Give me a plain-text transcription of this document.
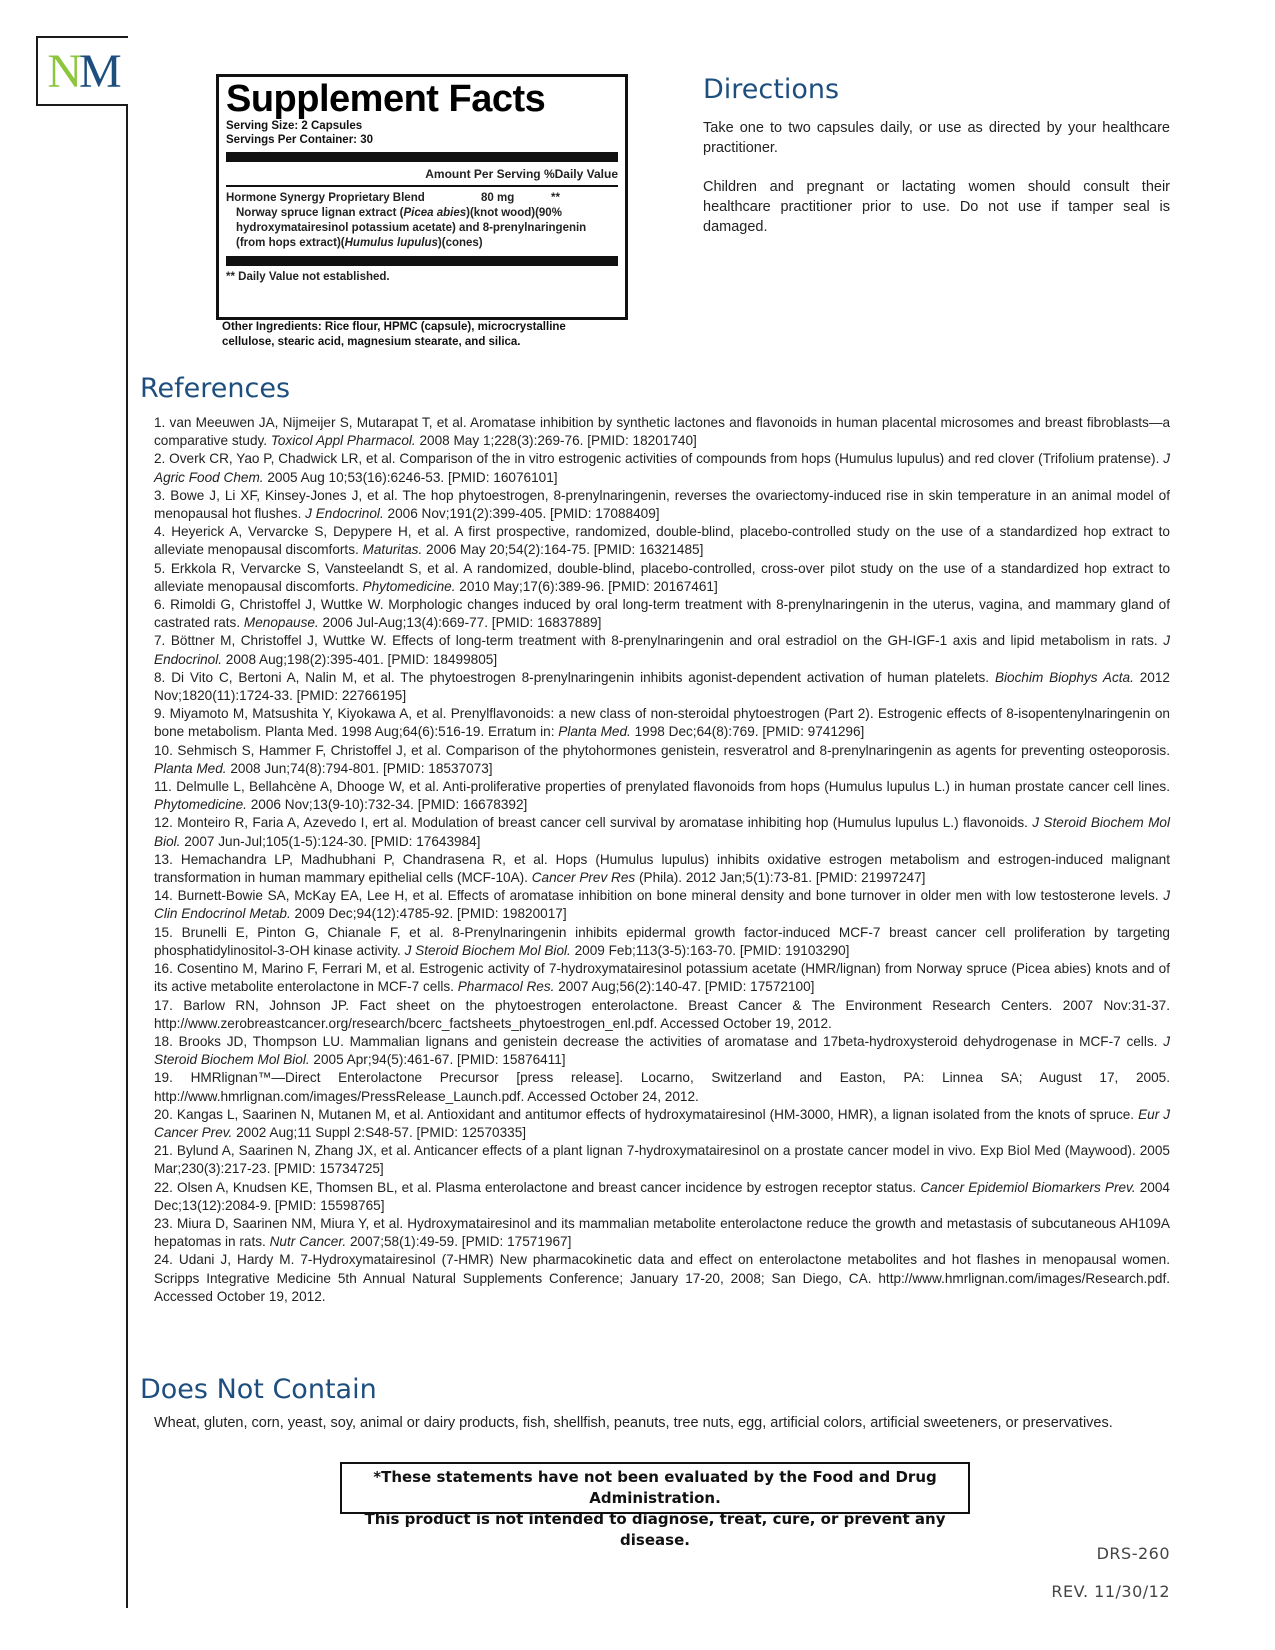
N M
Supplement Facts
Serving Size: 2 Capsules
Servings Per Container: 30
Amount Per Serving %Daily Value
Hormone Synergy Proprietary Blend	80 mg	**
Norway spruce lignan extract (Picea abies)(knot wood)(90%
hydroxymatairesinol potassium acetate) and 8-prenylnaringenin
(from hops extract)(Humulus lupulus)(cones)
** Daily Value not established.
Other Ingredients: Rice flour, HPMC (capsule), microcrystalline cellulose, stearic acid, magnesium stearate, and silica.
Directions
Take one to two capsules daily, or use as directed by your healthcare practitioner.
Children and pregnant or lactating women should consult their healthcare practitioner prior to use. Do not use if tamper seal is damaged.
References

1. van Meeuwen JA, Nijmeijer S, Mutarapat T, et al. Aromatase inhibition by synthetic lactones and flavonoids in human placental microsomes and breast fibroblasts—a comparative study. Toxicol Appl Pharmacol. 2008 May 1;228(3):269-76. [PMID: 18201740]

2. Overk CR, Yao P, Chadwick LR, et al. Comparison of the in vitro estrogenic activities of compounds from hops (Humulus lupulus) and red clover (Trifolium pratense). J Agric Food Chem. 2005 Aug 10;53(16):6246-53. [PMID: 16076101]

3. Bowe J, Li XF, Kinsey-Jones J, et al. The hop phytoestrogen, 8-prenylnaringenin, reverses the ovariectomy-induced rise in skin temperature in an animal model of menopausal hot flushes. J Endocrinol. 2006 Nov;191(2):399-405. [PMID: 17088409]

4. Heyerick A, Vervarcke S, Depypere H, et al. A first prospective, randomized, double-blind, placebo-controlled study on the use of a standardized hop extract to alleviate menopausal discomforts. Maturitas. 2006 May 20;54(2):164-75. [PMID: 16321485]

5. Erkkola R, Vervarcke S, Vansteelandt S, et al. A randomized, double-blind, placebo-controlled, cross-over pilot study on the use of a standardized hop extract to alleviate menopausal discomforts. Phytomedicine. 2010 May;17(6):389-96. [PMID: 20167461]

6. Rimoldi G, Christoffel J, Wuttke W. Morphologic changes induced by oral long-term treatment with 8-prenylnaringenin in the uterus, vagina, and mammary gland of castrated rats. Menopause. 2006 Jul-Aug;13(4):669-77. [PMID: 16837889]

7. Böttner M, Christoffel J, Wuttke W. Effects of long-term treatment with 8-prenylnaringenin and oral estradiol on the GH-IGF-1 axis and lipid metabolism in rats. J Endocrinol. 2008 Aug;198(2):395-401. [PMID: 18499805]

8. Di Vito C, Bertoni A, Nalin M, et al. The phytoestrogen 8-prenylnaringenin inhibits agonist-dependent activation of human platelets. Biochim Biophys Acta. 2012 Nov;1820(11):1724-33. [PMID: 22766195]

9. Miyamoto M, Matsushita Y, Kiyokawa A, et al. Prenylflavonoids: a new class of non-steroidal phytoestrogen (Part 2). Estrogenic effects of 8-isopentenylnaringenin on bone metabolism. Planta Med. 1998 Aug;64(6):516-19. Erratum in: Planta Med. 1998 Dec;64(8):769. [PMID: 9741296]

10. Sehmisch S, Hammer F, Christoffel J, et al. Comparison of the phytohormones genistein, resveratrol and 8-prenylnaringenin as agents for preventing osteoporosis. Planta Med. 2008 Jun;74(8):794-801. [PMID: 18537073]

11. Delmulle L, Bellahcène A, Dhooge W, et al. Anti-proliferative properties of prenylated flavonoids from hops (Humulus lupulus L.) in human prostate cancer cell lines. Phytomedicine. 2006 Nov;13(9-10):732-34. [PMID: 16678392]

12. Monteiro R, Faria A, Azevedo I, ert al. Modulation of breast cancer cell survival by aromatase inhibiting hop (Humulus lupulus L.) flavonoids. J Steroid Biochem Mol Biol. 2007 Jun-Jul;105(1-5):124-30. [PMID: 17643984]

13. Hemachandra LP, Madhubhani P, Chandrasena R, et al. Hops (Humulus lupulus) inhibits oxidative estrogen metabolism and estrogen-induced malignant transformation in human mammary epithelial cells (MCF-10A). Cancer Prev Res (Phila). 2012 Jan;5(1):73-81. [PMID: 21997247]

14. Burnett-Bowie SA, McKay EA, Lee H, et al. Effects of aromatase inhibition on bone mineral density and bone turnover in older men with low testosterone levels. J Clin Endocrinol Metab. 2009 Dec;94(12):4785-92. [PMID: 19820017]

15. Brunelli E, Pinton G, Chianale F, et al. 8-Prenylnaringenin inhibits epidermal growth factor-induced MCF-7 breast cancer cell proliferation by targeting phosphatidylinositol-3-OH kinase activity. J Steroid Biochem Mol Biol. 2009 Feb;113(3-5):163-70. [PMID: 19103290]

16. Cosentino M, Marino F, Ferrari M, et al. Estrogenic activity of 7-hydroxymatairesinol potassium acetate (HMR/lignan) from Norway spruce (Picea abies) knots and of its active metabolite enterolactone in MCF-7 cells. Pharmacol Res. 2007 Aug;56(2):140-47. [PMID: 17572100]

17. Barlow RN, Johnson JP. Fact sheet on the phytoestrogen enterolactone. Breast Cancer & The Environment Research Centers. 2007 Nov:31-37. http://www.zerobreastcancer.org/research/bcerc_factsheets_phytoestrogen_enl.pdf. Accessed October 19, 2012.

18. Brooks JD, Thompson LU. Mammalian lignans and genistein decrease the activities of aromatase and 17beta-hydroxysteroid dehydrogenase in MCF-7 cells. J Steroid Biochem Mol Biol. 2005 Apr;94(5):461-67. [PMID: 15876411]

19. HMRlignan™—Direct Enterolactone Precursor [press release]. Locarno, Switzerland and Easton, PA: Linnea SA; August 17, 2005. http://www.hmrlignan.com/images/PressRelease_Launch.pdf. Accessed October 24, 2012.

20. Kangas L, Saarinen N, Mutanen M, et al. Antioxidant and antitumor effects of hydroxymatairesinol (HM-3000, HMR), a lignan isolated from the knots of spruce. Eur J Cancer Prev. 2002 Aug;11 Suppl 2:S48-57. [PMID: 12570335]

21. Bylund A, Saarinen N, Zhang JX, et al. Anticancer effects of a plant lignan 7-hydroxymatairesinol on a prostate cancer model in vivo. Exp Biol Med (Maywood). 2005 Mar;230(3):217-23. [PMID: 15734725]

22. Olsen A, Knudsen KE, Thomsen BL, et al. Plasma enterolactone and breast cancer incidence by estrogen receptor status. Cancer Epidemiol Biomarkers Prev. 2004 Dec;13(12):2084-9. [PMID: 15598765]

23. Miura D, Saarinen NM, Miura Y, et al. Hydroxymatairesinol and its mammalian metabolite enterolactone reduce the growth and metastasis of subcutaneous AH109A hepatomas in rats. Nutr Cancer. 2007;58(1):49-59. [PMID: 17571967]

24. Udani J, Hardy M. 7-Hydroxymatairesinol (7-HMR) New pharmacokinetic data and effect on enterolactone metabolites and hot flashes in menopausal women. Scripps Integrative Medicine 5th Annual Natural Supplements Conference; January 17-20, 2008; San Diego, CA. http://www.hmrlignan.com/images/Research.pdf. Accessed October 19, 2012.

Does Not Contain
Wheat, gluten, corn, yeast, soy, animal or dairy products, fish, shellfish, peanuts, tree nuts, egg, artificial colors, artificial sweeteners, or preservatives.
*These statements have not been evaluated by the Food and Drug Administration.
This product is not intended to diagnose, treat, cure, or prevent any disease.
DRS-260
REV. 11/30/12
